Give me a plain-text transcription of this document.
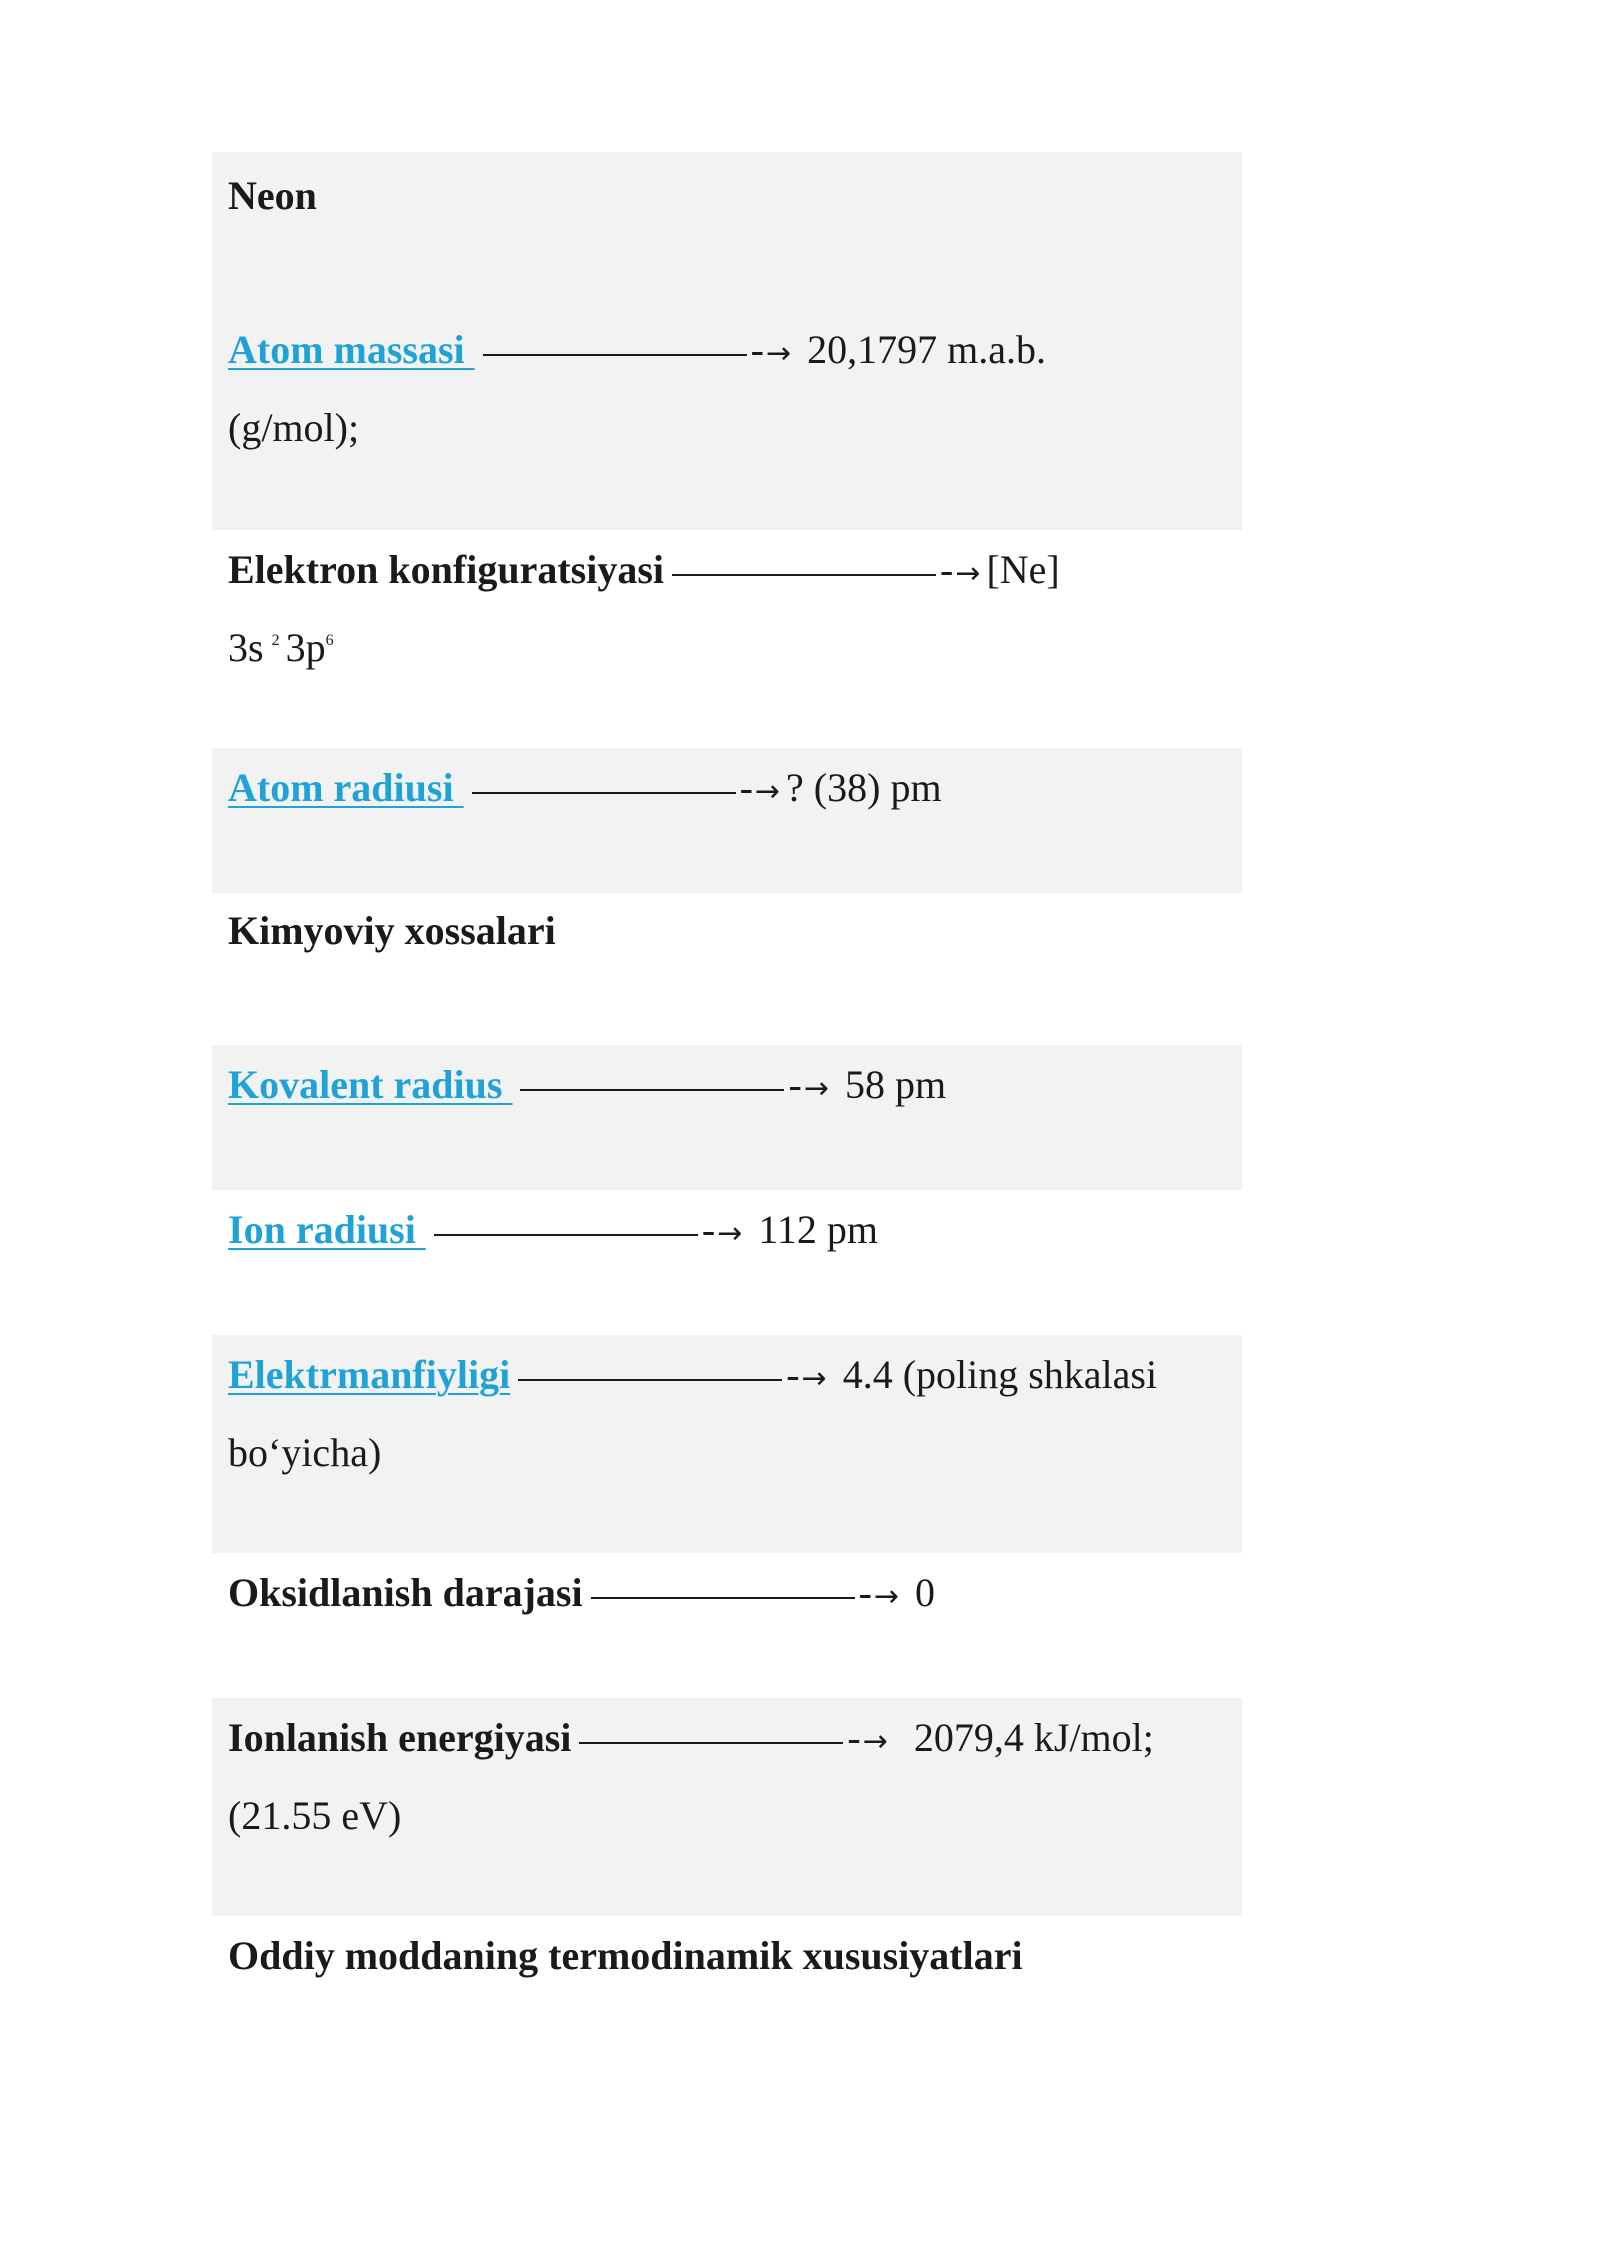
Neon
Atom massasi	-→ 20,1797 m.a.b.
(g/mol);
Elektron konfiguratsiyasi	-→ [Ne]
3s $^2$ $3p^6$
Atom radiusi	-→ ? (38) pm
Kimyoviy xossalari
Kovalent radius	-→ 58 pm
Ion radiusi	-→ 112 pm
Elektrmanfiyligi	-→ 4.4 (poling shkalasi
bo‘yicha)
Oksidlanish darajasi	-→ 0
Ionlanish energiyasi	-→  2079,4 kJ/mol;
(21.55 eV)
Oddiy moddaning termodinamik xususiyatlari
